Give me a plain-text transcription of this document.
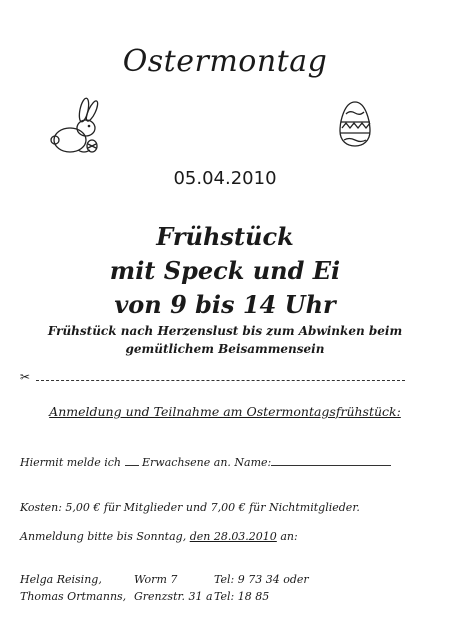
Ostermontag
05.04.2010
Frühstück
mit Speck und Ei
von 9 bis 14 Uhr
Frühstück nach Herzenslust bis zum Abwinken beim
gemütlichem Beisammensein
✂
Anmeldung und Teilnahme am Ostermontagsfrühstück:
Hiermit melde ich Erwachsene an. Name:
Kosten: 5,00 € für Mitglieder und 7,00 € für Nichtmitglieder.
Anmeldung bitte bis Sonntag, den 28.03.2010 an:
Helga Reising,	Worm 7	Tel: 9 73 34 oder
Thomas Ortmanns, Grenzstr. 31 a Tel: 18 85
